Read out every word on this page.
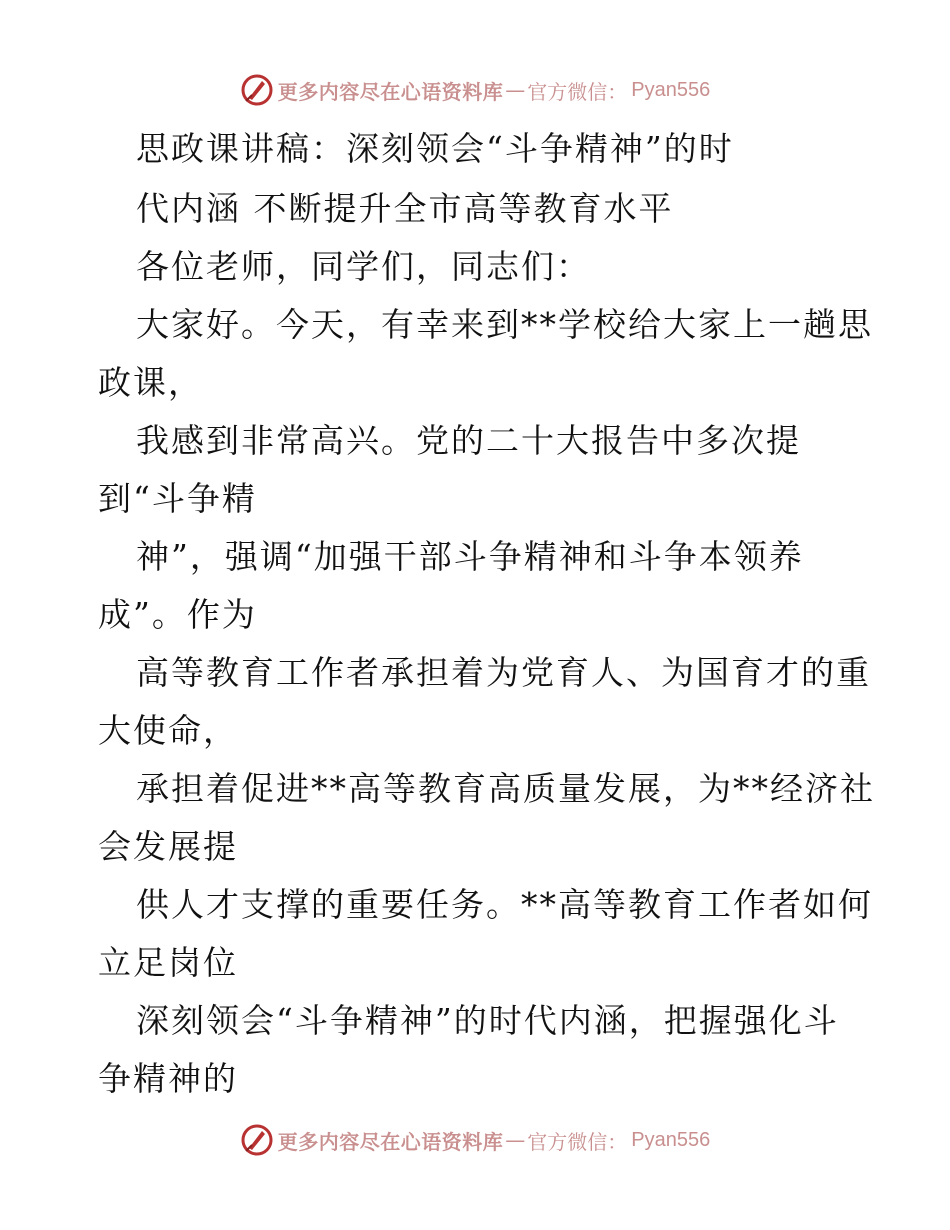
更多内容尽在心语资料库 — 官方微信： Pyan556
思政课讲稿：深刻领会“斗争精神”的时
代内涵 不断提升全市高等教育水平
各位老师，同学们，同志们：
大家好。今天，有幸来到**学校给大家上一趟思
政课，
我感到非常高兴。党的二十大报告中多次提
到“斗争精
神”，强调“加强干部斗争精神和斗争本领养
成”。作为
高等教育工作者承担着为党育人、为国育才的重
大使命，
承担着促进**高等教育高质量发展，为**经济社
会发展提
供人才支撑的重要任务。**高等教育工作者如何
立足岗位
深刻领会“斗争精神”的时代内涵，把握强化斗
争精神的
更多内容尽在心语资料库 — 官方微信： Pyan556
